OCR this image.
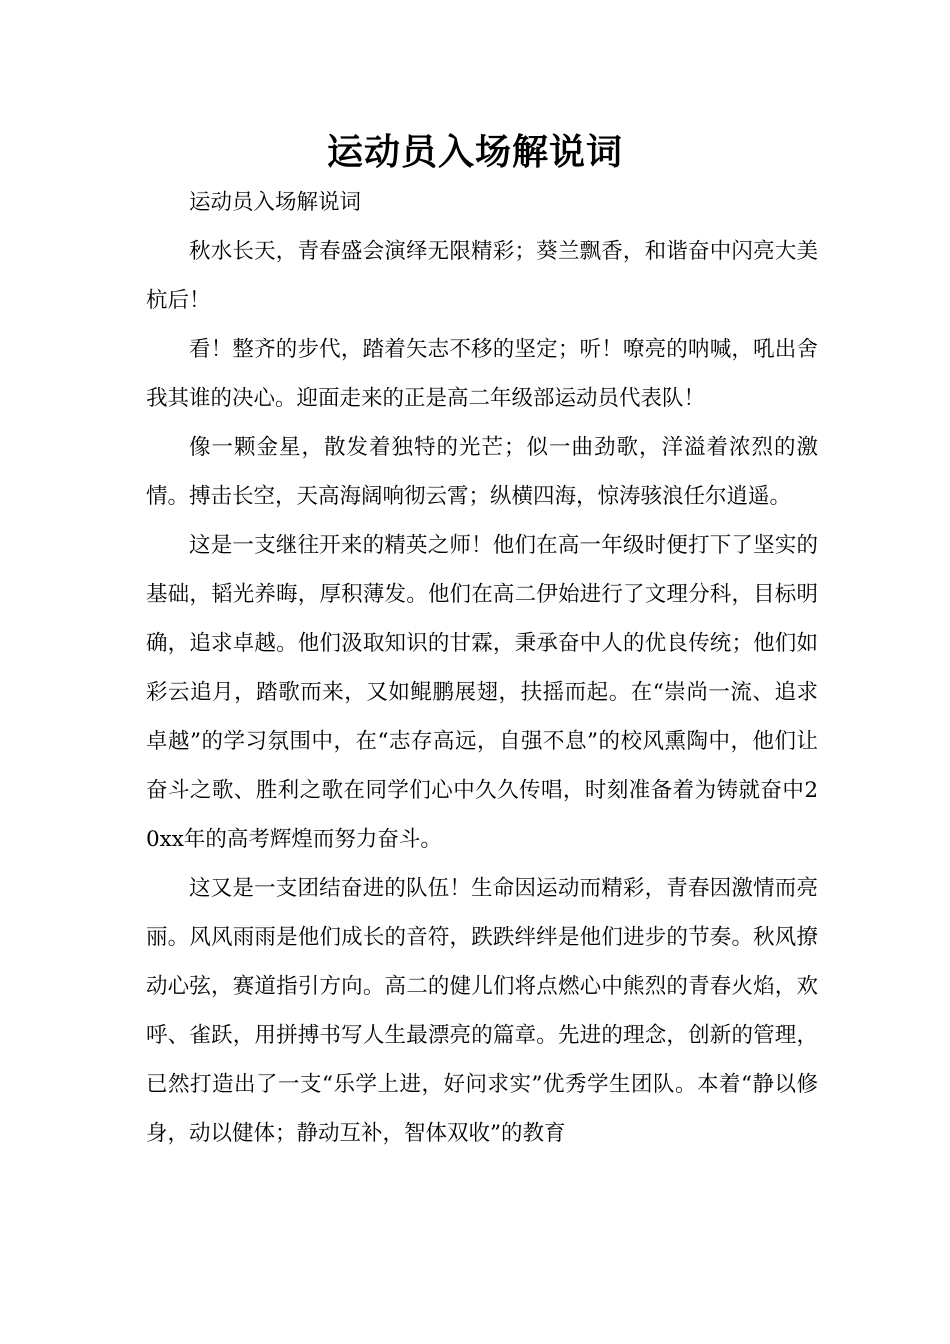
运动员入场解说词

运动员入场解说词

秋水长天，青春盛会演绎无限精彩；葵兰飘香，和谐奋中闪亮大美杭后！

看！整齐的步代，踏着矢志不移的坚定；听！嘹亮的呐喊，吼出舍我其谁的决心。迎面走来的正是高二年级部运动员代表队！

像一颗金星，散发着独特的光芒；似一曲劲歌，洋溢着浓烈的激情。搏击长空，天高海阔响彻云霄；纵横四海，惊涛骇浪任尔逍遥。

这是一支继往开来的精英之师！他们在高一年级时便打下了坚实的基础，韬光养晦，厚积薄发。他们在高二伊始进行了文理分科，目标明确，追求卓越。他们汲取知识的甘霖，秉承奋中人的优良传统；他们如彩云追月，踏歌而来，又如鲲鹏展翅，扶摇而起。在“崇尚一流、追求卓越”的学习氛围中，在“志存高远，自强不息”的校风熏陶中，他们让奋斗之歌、胜利之歌在同学们心中久久传唱，时刻准备着为铸就奋中20xx年的高考辉煌而努力奋斗。

这又是一支团结奋进的队伍！生命因运动而精彩，青春因激情而亮丽。风风雨雨是他们成长的音符，跌跌绊绊是他们进步的节奏。秋风撩动心弦，赛道指引方向。高二的健儿们将点燃心中熊烈的青春火焰，欢呼、雀跃，用拼搏书写人生最漂亮的篇章。先进的理念，创新的管理，已然打造出了一支“乐学上进，好问求实”优秀学生团队。本着“静以修身，动以健体；静动互补，智体双收”的教育
